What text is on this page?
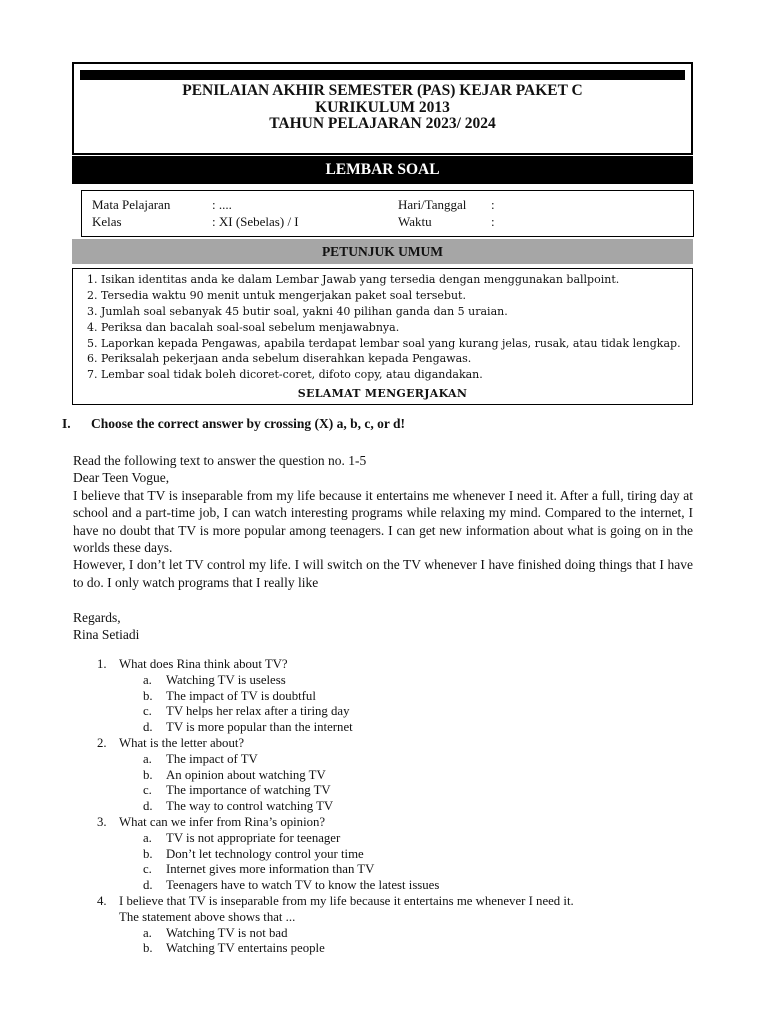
PENILAIAN AKHIR SEMESTER (PAS) KEJAR PAKET C
KURIKULUM 2013
TAHUN PELAJARAN 2023/ 2024
LEMBAR SOAL
Mata Pelajaran	: ....	Hari/Tanggal :
Kelas	: XI (Sebelas) / I	Waktu	:
PETUNJUK UMUM
1. Isikan identitas anda ke dalam Lembar Jawab yang tersedia dengan menggunakan ballpoint.
2. Tersedia waktu 90 menit untuk mengerjakan paket soal tersebut.
3. Jumlah soal sebanyak 45 butir soal, yakni 40 pilihan ganda dan 5 uraian.
4. Periksa dan bacalah soal-soal sebelum menjawabnya.
5. Laporkan kepada Pengawas, apabila terdapat lembar soal yang kurang jelas, rusak, atau tidak lengkap.
6. Periksalah pekerjaan anda sebelum diserahkan kepada Pengawas.
7. Lembar soal tidak boleh dicoret-coret, difoto copy, atau digandakan.
SELAMAT MENGERJAKAN
I. Choose the correct answer by crossing (X) a, b, c, or d!

Read the following text to answer the question no. 1-5

Dear Teen Vogue,

I believe that TV is inseparable from my life because it entertains me whenever I need it. After a full, tiring day at school and a part-time job, I can watch interesting programs while relaxing my mind. Compared to the internet, I have no doubt that TV is more popular among teenagers. I can get new information about what is going on in the worlds these days.

However, I don’t let TV control my life. I will switch on the TV whenever I have finished doing things that I have to do. I only watch programs that I really like

Regards,

Rina Setiadi

1. What does Rina think about TV?
a. Watching TV is useless
b. The impact of TV is doubtful
c. TV helps her relax after a tiring day
d. TV is more popular than the internet
2. What is the letter about?
a. The impact of TV
b. An opinion about watching TV
c. The importance of watching TV
d. The way to control watching TV
3. What can we infer from Rina’s opinion?
a. TV is not appropriate for teenager
b. Don’t let technology control your time
c. Internet gives more information than TV
d. Teenagers have to watch TV to know the latest issues
4. I believe that TV is inseparable from my life because it entertains me whenever I need it.
The statement above shows that ...
a. Watching TV is not bad
b. Watching TV entertains people
